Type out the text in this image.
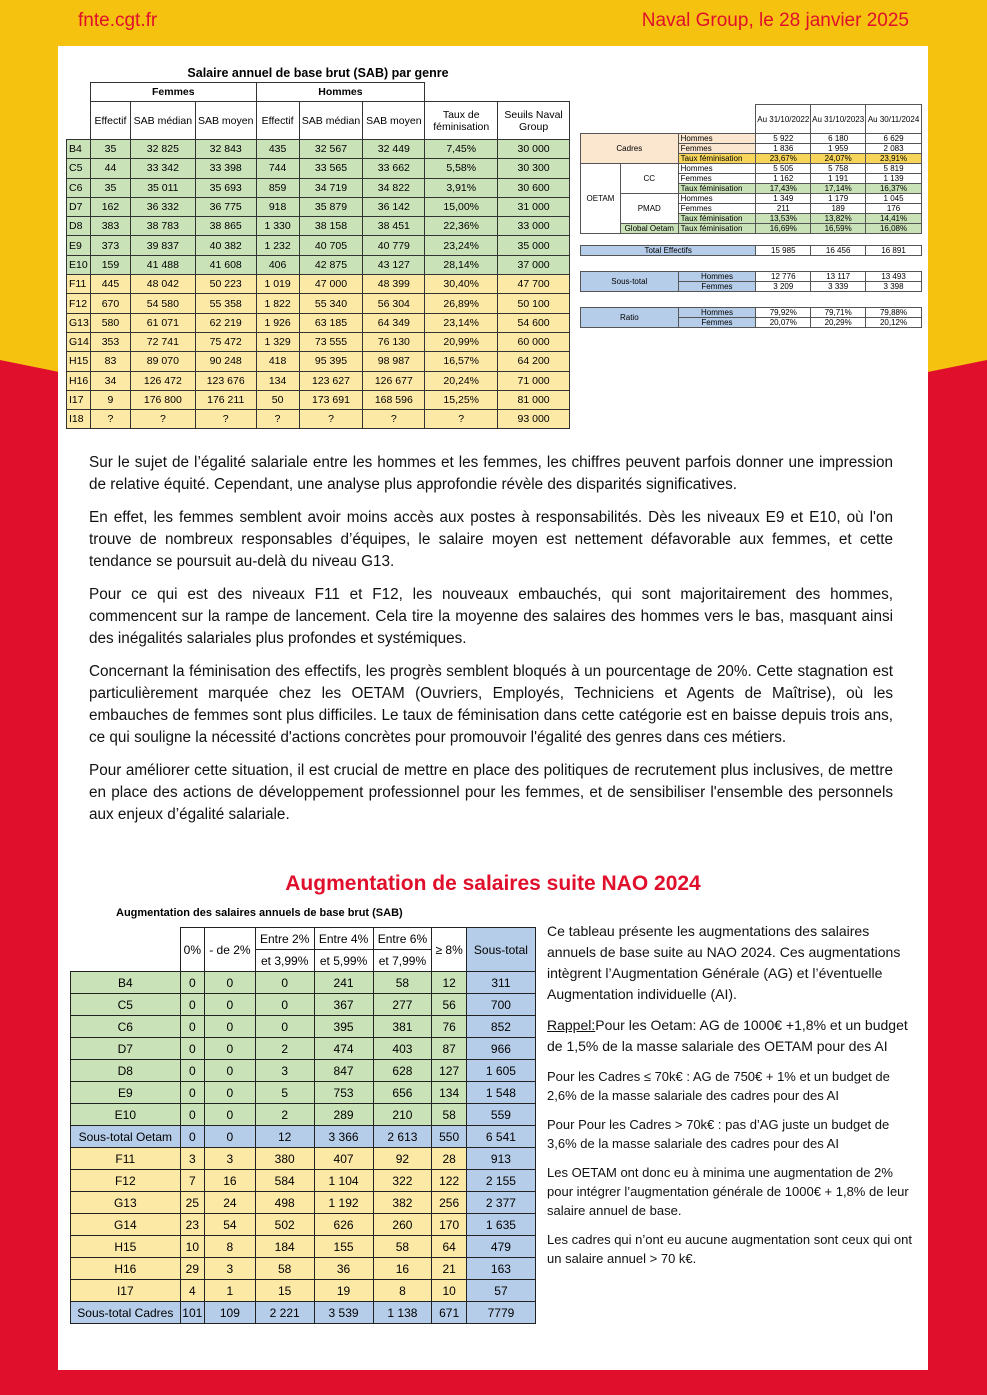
fnte.cgt.fr	Naval Group, le 28 janvier 2025
Salaire annuel de base brut (SAB) par genre
	Femmes			Hommes				
	Effectif	SAB médian	SAB moyen	Effectif	SAB médian	SAB moyen	Taux de féminisation	Seuils Naval Group
B4	35	32 825	32 843	435	32 567	32 449	7,45%	30 000
C5	44	33 342	33 398	744	33 565	33 662	5,58%	30 300
C6	35	35 011	35 693	859	34 719	34 822	3,91%	30 600
D7	162	36 332	36 775	918	35 879	36 142	15,00%	31 000
D8	383	38 783	38 865	1 330	38 158	38 451	22,36%	33 000
E9	373	39 837	40 382	1 232	40 705	40 779	23,24%	35 000
E10	159	41 488	41 608	406	42 875	43 127	28,14%	37 000
F11	445	48 042	50 223	1 019	47 000	48 399	30,40%	47 700
F12	670	54 580	55 358	1 822	55 340	56 304	26,89%	50 100
G13	580	61 071	62 219	1 926	63 185	64 349	23,14%	54 600
G14	353	72 741	75 472	1 329	73 555	76 130	20,99%	60 000
H15	83	89 070	90 248	418	95 395	98 987	16,57%	64 200
H16	34	126 472	123 676	134	123 627	126 677	20,24%	71 000
I17	9	176 800	176 211	50	173 691	168 596	15,25%	81 000
I18	?	?	?	?	?	?	?	93 000
			Au 31/10/2022	Au 31/10/2023	Au 30/11/2024
Cadres		Hommes	5 922	6 180	6 629
		Femmes	1 836	1 959	2 083
		Taux féminisation	23,67%	24,07%	23,91%
OETAM	CC	Hommes	5 505	5 758	5 819
		Femmes	1 162	1 191	1 139
		Taux féminisation	17,43%	17,14%	16,37%
	PMAD	Hommes	1 349	1 179	1 045
		Femmes	211	189	176
		Taux féminisation	13,53%	13,82%	14,41%
	Global Oetam	Taux féminisation	16,69%	16,59%	16,08%

Total Effectifs			15 985	16 456	16 891

Sous-total		Hommes	12 776	13 117	13 493
		Femmes	3 209	3 339	3 398

Ratio		Hommes	79,92%	79,71%	79,88%
		Femmes	20,07%	20,29%	20,12%

Sur le sujet de l’égalité salariale entre les hommes et les femmes, les chiffres peuvent parfois donner une impression de relative équité. Cependant, une analyse plus approfondie révèle des disparités significatives.

En effet, les femmes semblent avoir moins accès aux postes à responsabilités. Dès les niveaux E9 et E10, où l'on trouve de nombreux responsables d’équipes, le salaire moyen est nettement défavorable aux femmes, et cette tendance se poursuit au-delà du niveau G13.

Pour ce qui est des niveaux F11 et F12, les nouveaux embauchés, qui sont majoritairement des hommes, commencent sur la rampe de lancement. Cela tire la moyenne des salaires des hommes vers le bas, masquant ainsi des inégalités salariales plus profondes et systémiques.

Concernant la féminisation des effectifs, les progrès semblent bloqués à un pourcentage de 20%. Cette stagnation est particulièrement marquée chez les OETAM (Ouvriers, Employés, Techniciens et Agents de Maîtrise), où les embauches de femmes sont plus difficiles. Le taux de féminisation dans cette catégorie est en baisse depuis trois ans, ce qui souligne la nécessité d'actions concrètes pour promouvoir l'égalité des genres dans ces métiers.

Pour améliorer cette situation, il est crucial de mettre en place des politiques de recrutement plus inclusives, de mettre en place des actions de développement professionnel pour les femmes, et de sensibiliser l'ensemble des personnels aux enjeux d’égalité salariale.

Augmentation de salaires suite NAO 2024
Augmentation des salaires annuels de base brut (SAB)
	0%	- de 2%	Entre 2%	Entre 4%	Entre 6%	≥ 8%	Sous-total
			et 3,99%	et 5,99%	et 7,99%		
B4	0	0	0	241	58	12	311
C5	0	0	0	367	277	56	700
C6	0	0	0	395	381	76	852
D7	0	0	2	474	403	87	966
D8	0	0	3	847	628	127	1 605
E9	0	0	5	753	656	134	1 548
E10	0	0	2	289	210	58	559
Sous-total Oetam	0	0	12	3 366	2 613	550	6 541
F11	3	3	380	407	92	28	913
F12	7	16	584	1 104	322	122	2 155
G13	25	24	498	1 192	382	256	2 377
G14	23	54	502	626	260	170	1 635
H15	10	8	184	155	58	64	479
H16	29	3	58	36	16	21	163
I17	4	1	15	19	8	10	57
Sous-total Cadres	101	109	2 221	3 539	1 138	671	7779

Ce tableau présente les augmentations des salaires annuels de base suite au NAO 2024. Ces augmentations intègrent l’Augmentation Générale (AG) et l’éventuelle Augmentation individuelle (AI).

Rappel:Pour les Oetam: AG de 1000€ +1,8% et un budget de 1,5% de la masse salariale des OETAM pour des AI

Pour les Cadres ≤ 70k€ : AG de 750€ + 1% et un budget de 2,6% de la masse salariale des cadres pour des AI

Pour Pour les Cadres > 70k€ : pas d’AG juste un budget de 3,6% de la masse salariale des cadres pour des AI

Les OETAM ont donc eu à minima une augmentation de 2% pour intégrer l’augmentation générale de 1000€ + 1,8% de leur salaire annuel de base.

Les cadres qui n’ont eu aucune augmentation sont ceux qui ont un salaire annuel > 70 k€.
